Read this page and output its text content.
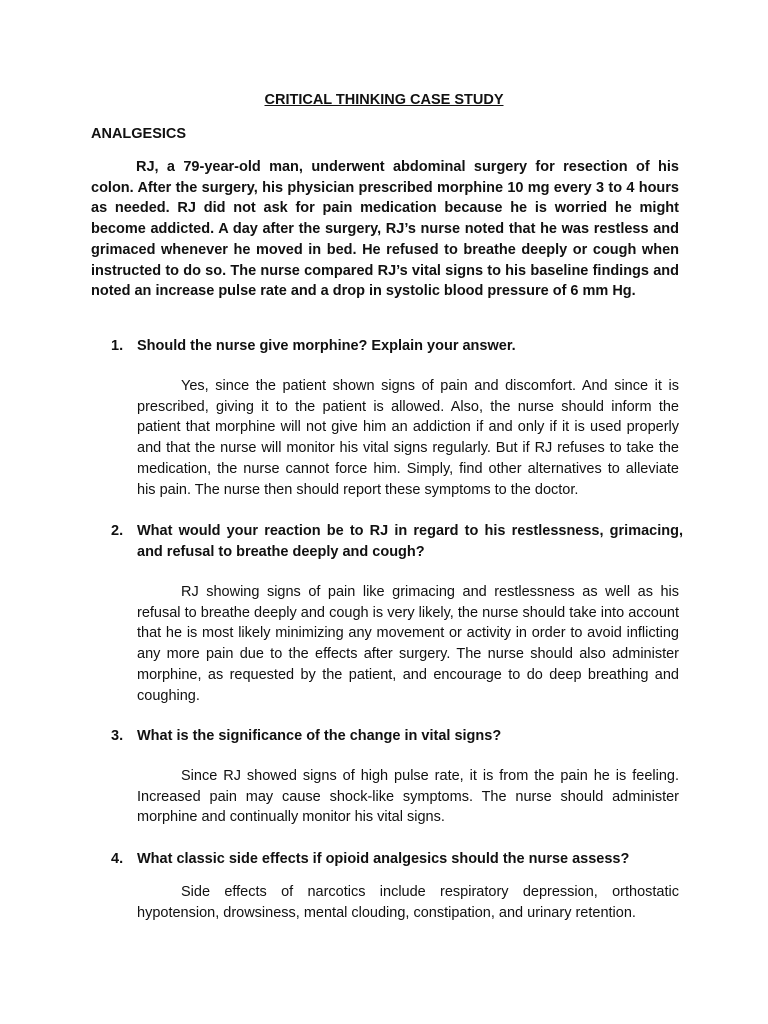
CRITICAL THINKING CASE STUDY
ANALGESICS

RJ, a 79-year-old man, underwent abdominal surgery for resection of his colon. After the surgery, his physician prescribed morphine 10 mg every 3 to 4 hours as needed. RJ did not ask for pain medication because he is worried he might become addicted. A day after the surgery, RJ’s nurse noted that he was restless and grimaced whenever he moved in bed. He refused to breathe deeply or cough when instructed to do so. The nurse compared RJ’s vital signs to his baseline findings and noted an increase pulse rate and a drop in systolic blood pressure of 6 mm Hg.

1. Should the nurse give morphine? Explain your answer.

Yes, since the patient shown signs of pain and discomfort. And since it is prescribed, giving it to the patient is allowed. Also, the nurse should inform the patient that morphine will not give him an addiction if and only if it is used properly and that the nurse will monitor his vital signs regularly. But if RJ refuses to take the medication, the nurse cannot force him. Simply, find other alternatives to alleviate his pain. The nurse then should report these symptoms to the doctor.

2. What would your reaction be to RJ in regard to his restlessness, grimacing, and refusal to breathe deeply and cough?

RJ showing signs of pain like grimacing and restlessness as well as his refusal to breathe deeply and cough is very likely, the nurse should take into account that he is most likely minimizing any movement or activity in order to avoid inflicting any more pain due to the effects after surgery. The nurse should also administer morphine, as requested by the patient, and encourage to do deep breathing and coughing.

3. What is the significance of the change in vital signs?

Since RJ showed signs of high pulse rate, it is from the pain he is feeling. Increased pain may cause shock-like symptoms. The nurse should administer morphine and continually monitor his vital signs.

4. What classic side effects if opioid analgesics should the nurse assess?

Side effects of narcotics include respiratory depression, orthostatic hypotension, drowsiness, mental clouding, constipation, and urinary retention.
